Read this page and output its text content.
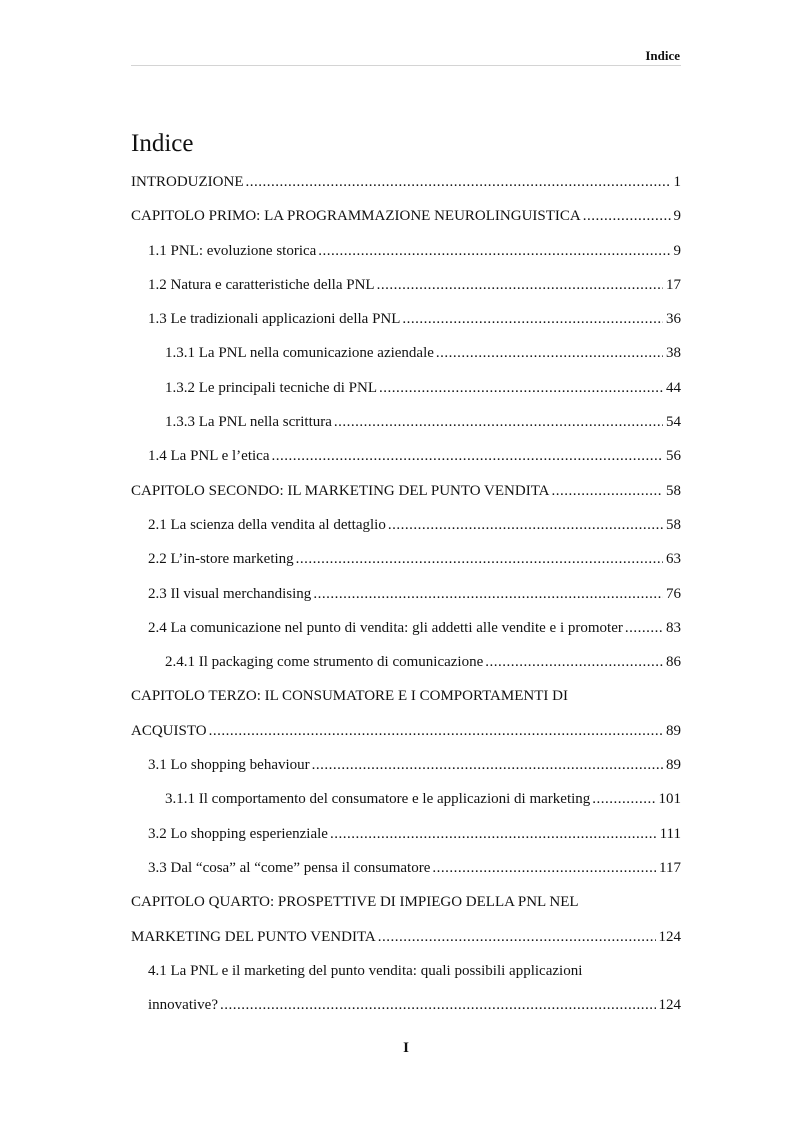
Indice
Indice
INTRODUZIONE .....	1
CAPITOLO PRIMO: LA PROGRAMMAZIONE NEUROLINGUISTICA .....	9
1.1 PNL: evoluzione storica .....	9
1.2 Natura e caratteristiche della PNL .....	17
1.3 Le tradizionali applicazioni della PNL .....	36
1.3.1 La PNL nella comunicazione aziendale .....	38
1.3.2 Le principali tecniche di PNL .....	44
1.3.3 La PNL nella scrittura .....	54
1.4 La PNL e l’etica .....	56
CAPITOLO SECONDO: IL MARKETING DEL PUNTO VENDITA .....	58
2.1 La scienza della vendita al dettaglio .....	58
2.2 L’in-store marketing .....	63
2.3 Il visual merchandising .....	76
2.4 La comunicazione nel punto di vendita: gli addetti alle vendite e i promoter .....	83
2.4.1 Il packaging come strumento di comunicazione .....	86
CAPITOLO TERZO: IL CONSUMATORE E I COMPORTAMENTI DI
ACQUISTO .....	89
3.1 Lo shopping behaviour .....	89
3.1.1 Il comportamento del consumatore e le applicazioni di marketing .....	101
3.2 Lo shopping esperienziale .....	111
3.3 Dal “cosa” al “come” pensa il consumatore .....	117
CAPITOLO QUARTO: PROSPETTIVE DI IMPIEGO DELLA PNL NEL
MARKETING DEL PUNTO VENDITA .....	124
4.1 La PNL e il marketing del punto vendita: quali possibili applicazioni
innovative? .....	124
I
